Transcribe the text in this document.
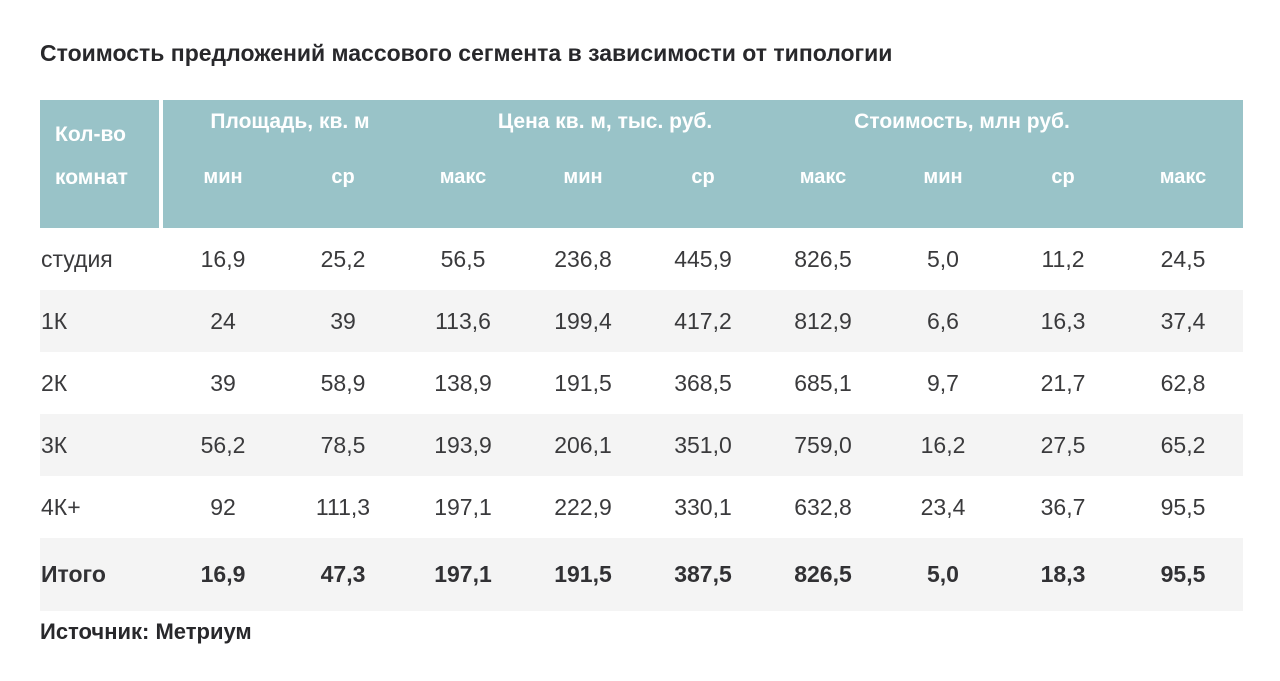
Стоимость предложений массового сегмента в зависимости от типологии
Кол-во комнат
Площадь, кв. м	Цена кв. м, тыс. руб.	Стоимость, млн руб.
мин	ср	макс	мин	ср	макс	мин	ср	макс
студия	16,9	25,2	56,5	236,8	445,9	826,5	5,0	11,2	24,5
1К	24	39	113,6	199,4	417,2	812,9	6,6	16,3	37,4
2К	39	58,9	138,9	191,5	368,5	685,1	9,7	21,7	62,8
3К	56,2	78,5	193,9	206,1	351,0	759,0	16,2	27,5	65,2
4К+	92	111,3	197,1	222,9	330,1	632,8	23,4	36,7	95,5
Итого	16,9	47,3	197,1	191,5	387,5	826,5	5,0	18,3	95,5
Источник: Метриум
